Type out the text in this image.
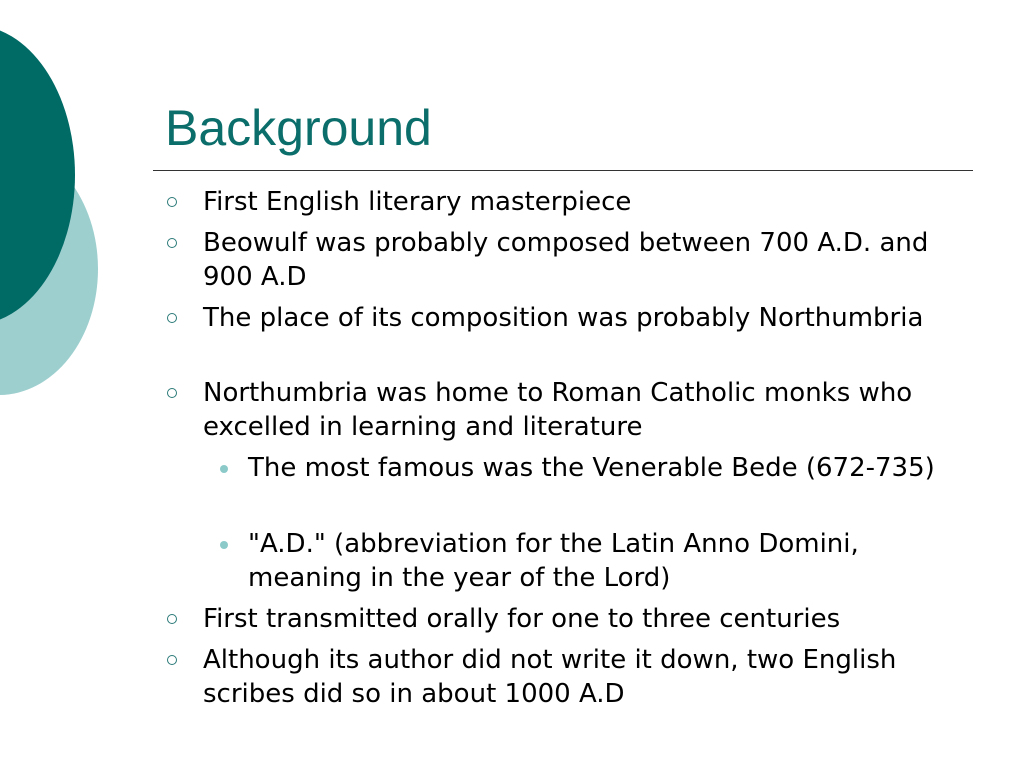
Background
First English literary masterpiece
Beowulf was probably composed between 700 A.D. and 900 A.D
The place of its composition was probably Northumbria
Northumbria was home to Roman Catholic monks who excelled in learning and literature
The most famous was the Venerable Bede (672-735)
"A.D." (abbreviation for the Latin Anno Domini, meaning in the year of the Lord)
First transmitted orally for one to three centuries
Although its author did not write it down, two English scribes did so in about 1000 A.D
